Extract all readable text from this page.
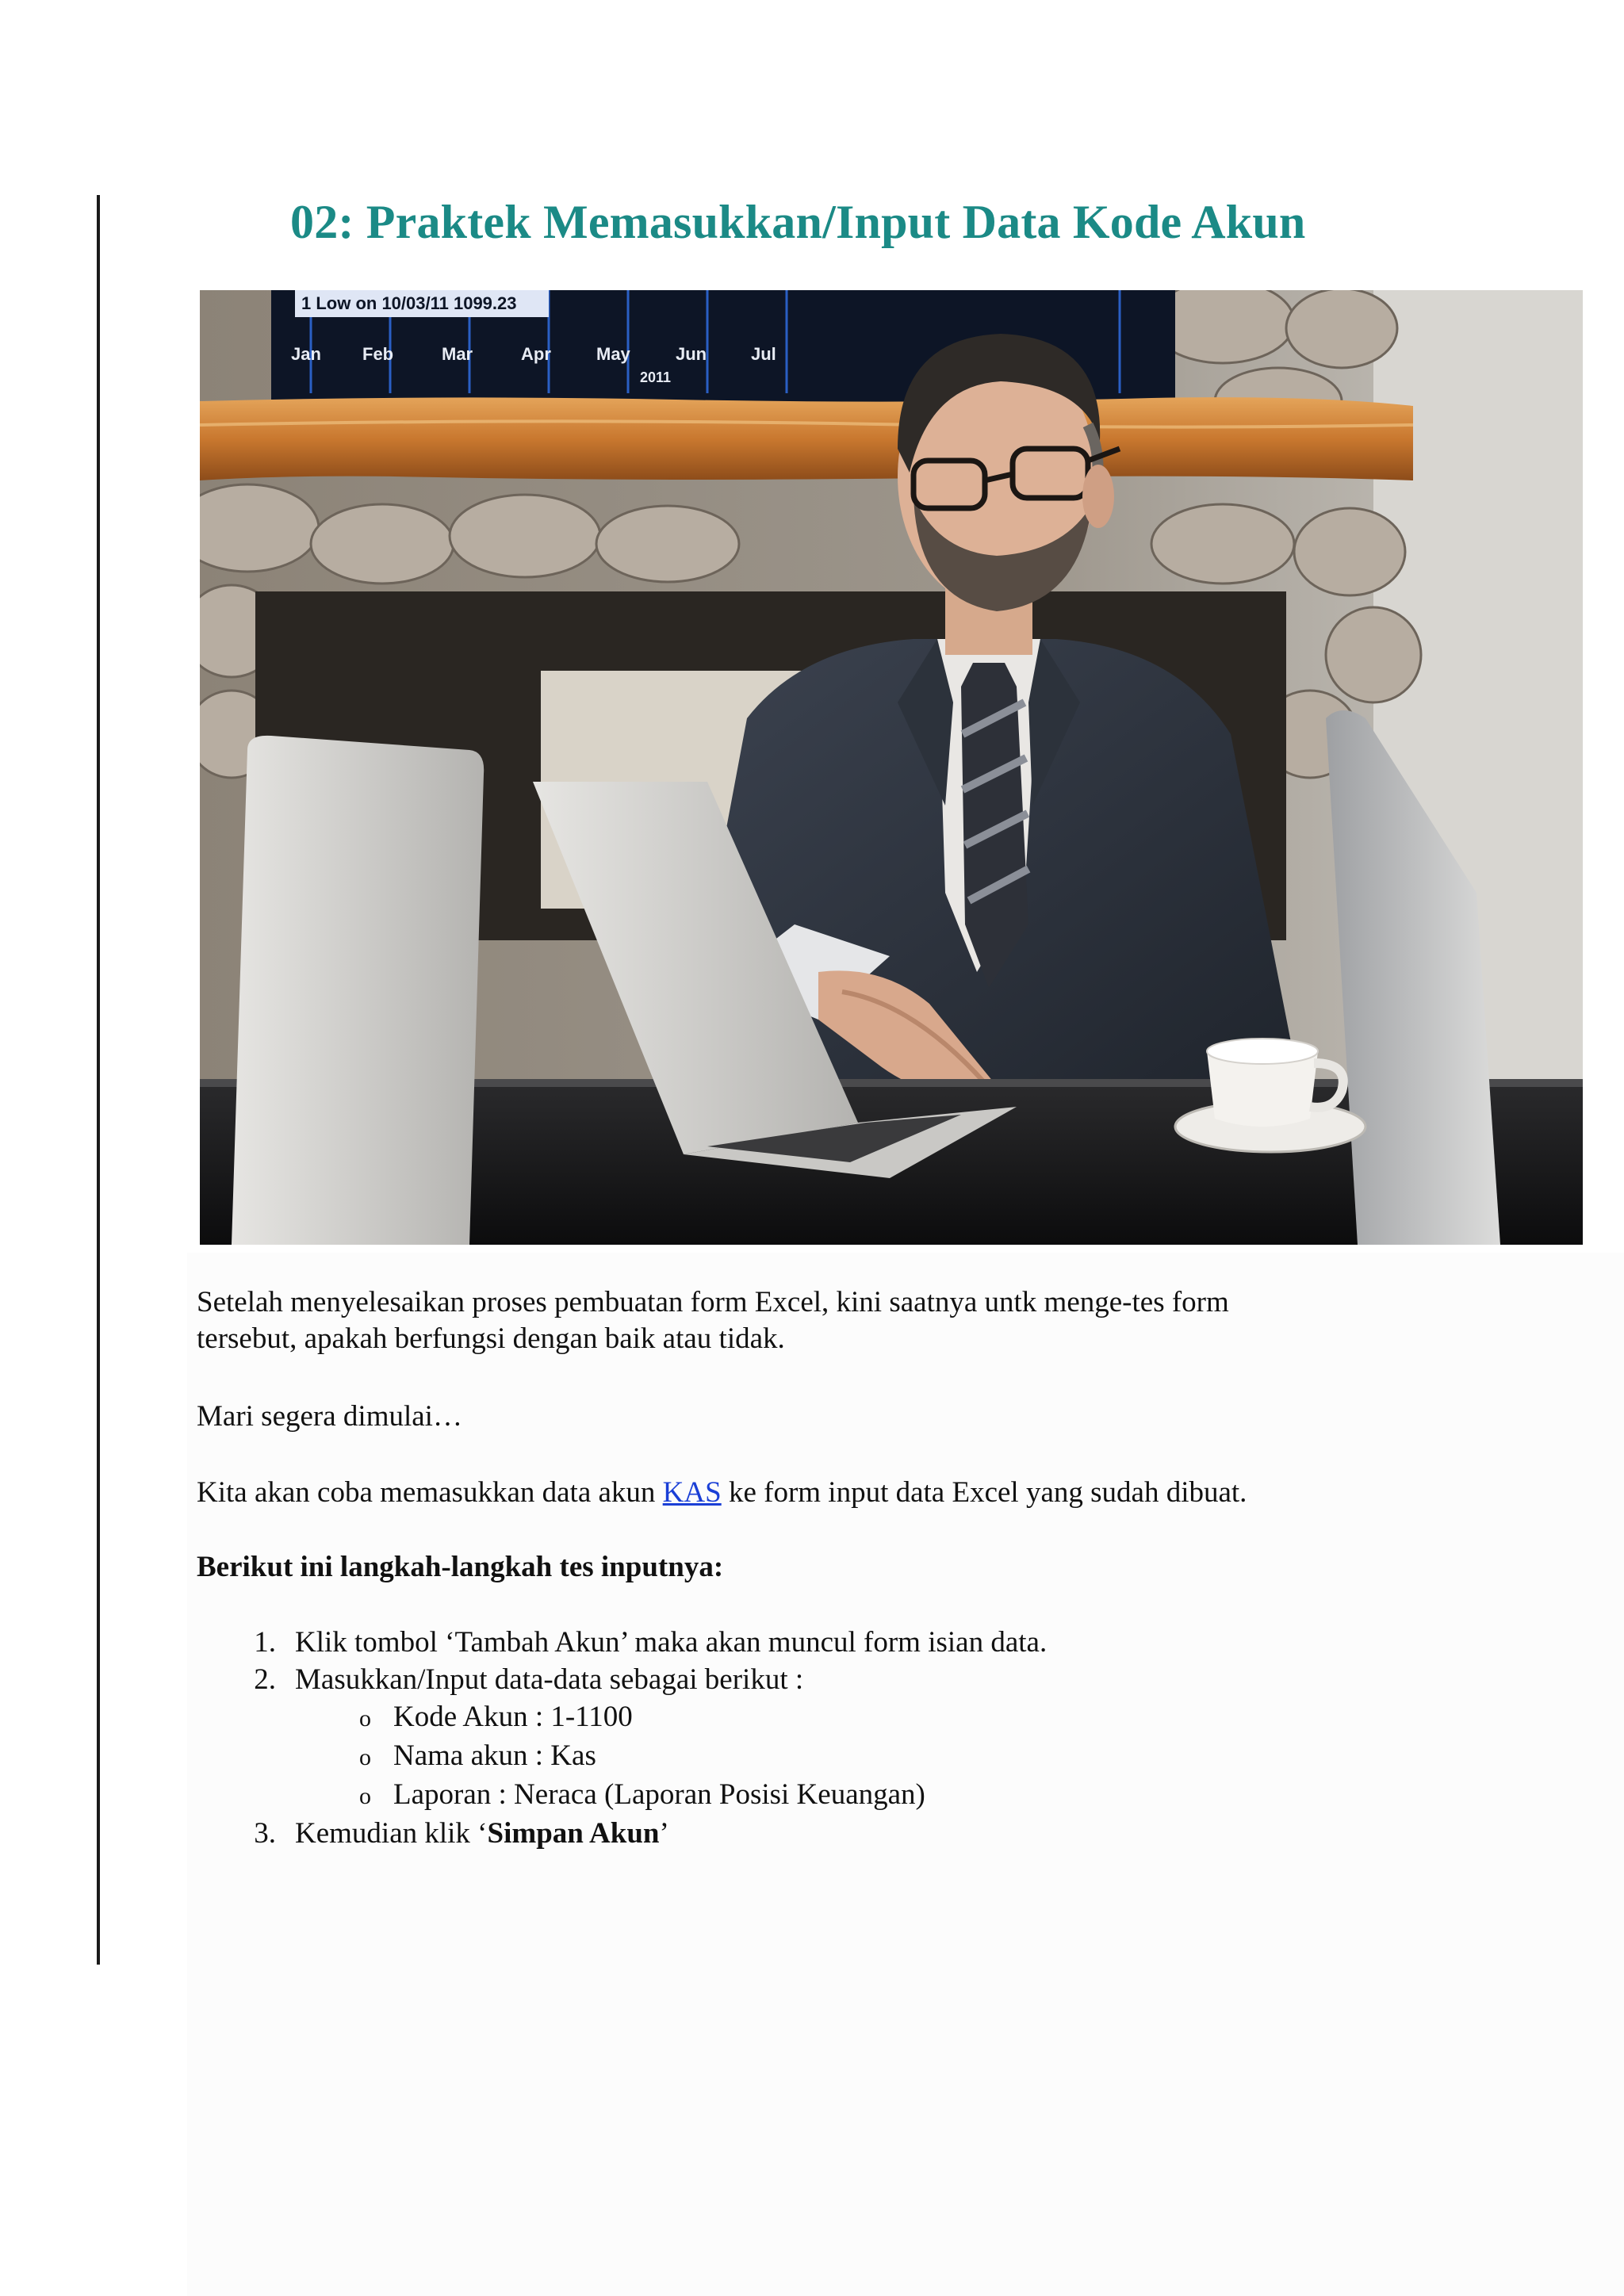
02: Praktek Memasukkan/Input Data Kode Akun
1 Low on 10/03/11 1099.23
Jan Feb	Mar	Apr	May	Jun	Jul
2011

Setelah menyelesaikan proses pembuatan form Excel, kini saatnya untk menge-tes form
tersebut, apakah berfungsi dengan baik atau tidak.

Mari segera dimulai…

Kita akan coba memasukkan data akun KAS ke form input data Excel yang sudah dibuat.

Berikut ini langkah-langkah tes inputnya:

1. Klik tombol ‘Tambah Akun’ maka akan muncul form isian data.
2. Masukkan/Input data-data sebagai berikut :
o Kode Akun : 1-1100
o Nama akun : Kas
o Laporan : Neraca (Laporan Posisi Keuangan)
3. Kemudian klik ‘Simpan Akun’
